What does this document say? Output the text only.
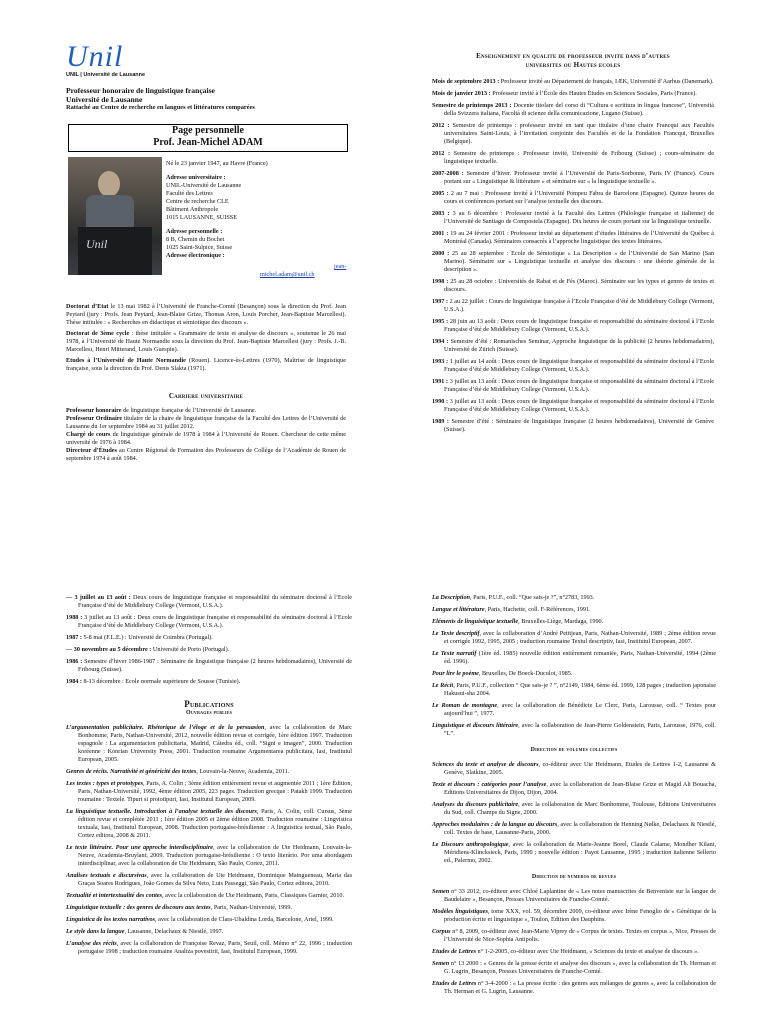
Unil
UNIL | Université de Lausanne
Professeur honoraire de linguistique française
Université de Lausanne
Rattaché au Centre de recherche en langues et littératures comparées
Page personnelle
Prof. Jean-Michel ADAM
Unil
Né le 23 janvier 1947, au Havre (France)
Adresse universitaire :
UNIL-Université de Lausanne
Faculté des Lettres
Centre de recherche CLE
Bâtiment Anthropole
1015 LAUSANNE, SUISSE
Adresse personnelle :
8 B, Chemin du Bochet
1025 Saint-Sulpice, Suisse
Adresse électronique :
jean-
michel.adam@unil.ch

Doctorat d’Etat le 13 mai 1982 à l’Université de Franche-Comté (Besançon) sous la direction du Prof. Jean Peytard (jury : Profs. Jean Peytard, Jean-Blaise Grize, Thomas Aron, Louis Porcher, Jean-Baptiste Marcellesi). Thèse intitulée : « Recherches en didactique et sémiotique des discours ».

Doctorat de 3ème cycle : thèse intitulée « Grammaire de texte et analyse de discours », soutenue le 26 mai 1978, à l’Université de Haute Normandie sous la direction du Prof. Jean-Baptiste Marcellesi (jury : Profs. J.-B. Marcellesi, Henri Mitterand, Louis Guespin).

Etudes à l’Université de Haute Normandie (Rouen). Licence-ès-Lettres (1970), Maîtrise de linguistique française, sous la direction du Prof. Denis Slakta (1971).

Carriere universitaire

Professeur honoraire de linguistique française de l’Université de Lausanne.

Professeur Ordinaire titulaire de la chaire de linguistique française de la Faculté des Lettres de l’Université de Lausanne du 1er septembre 1984 au 31 juillet 2012.

Chargé de cours de linguistique générale de 1978 à 1984 à l’Université de Rouen. Chercheur de cette même université de 1976 à 1984.

Directeur d’Études au Centre Régional de Formation des Professeurs de Collège de l’Académie de Rouen de septembre 1974 à août 1984.

Enseignement en qualite de professeur invite dans d’autres
universites ou Hautes ecoles
Mois de septembre 2013 : Professeur invité au Département de français, IÆK, Université d’Aarhus (Danemark).
Mois de janvier 2013 : Professeur invité à l’École des Hautes Études en Sciences Sociales, Paris (France).
Semestre de printemps 2013 : Docente titolare del corso di “Cultura e scrittura in lingua francese”, Università della Svizzera italiana, Facoltà di scienze della comunicazione, Lugano (Suisse).
2012 : Semestre de printemps : professeur invité en tant que titulaire d’une chaire Francqui aux Facultés universitaires Saint-Louis, à l’invitation conjointe des Facultés et de la Fondation Francqui, Bruxelles (Belgique).
2012 : Semestre de printemps : Professeur invité, Université de Fribourg (Suisse) ; cours-séminaire de linguistique textuelle.
2007-2008 : Semestre d’hiver. Professeur invité à l’Université de Paris-Sorbonne, Paris IV (France). Cours portant sur « Linguistique & littérature » et séminaire sur « la linguistique textuelle ».
2005 : 2 au 7 mai : Professeur invité à l’Université Pompeu Fabra de Barcelone (Espagne). Quinze heures de cours et conférences portant sur l’analyse textuelle des discours.
2003 : 3 au 6 décembre : Professeur invité à la Faculté des Lettres (Philologie française et italienne) de l’Université de Santiago de Compostela (Espagne). Dix heures de cours portant sur la linguistique textuelle.
2001 : 19 au 24 février 2001 : Professeur invité au département d’études littéraires de l’Université du Québec à Montréal (Canada). Séminaires consacrés à l’approche linguistique des textes littéraires.
2000 : 25 au 28 septembre : Ecole de Sémiotique « La Description » de l’Université de San Marino (San Marino). Séminaire sur « Linguistique textuelle et analyse des discours : une théorie générale de la description ».
1998 : 25 au 28 octobre : Universités de Rabat et de Fès (Maroc). Séminaire sur les types et genres de textes et discours.
1997 : 2 au 22 juillet : Cours de linguistique française à l’Ecole Française d’été de Middlebury College (Vermont, U.S.A.).
1995 : 28 juin au 13 août : Deux cours de linguistique française et responsabilité du séminaire doctoral à l’Ecole Française d’été de Middlebury College (Vermont, U.S.A.).
1994 : Semestre d’été : Romanisches Seminar, Approche linguistique de la publicité (2 heures hebdomadaires), Université de Zürich (Suisse).
1993 : 1 juillet au 14 août : Deux cours de linguistique française et responsabilité du séminaire doctoral à l’Ecole Française d’été de Middlebury College (Vermont, U.S.A.).
1991 : 3 juillet au 13 août : Deux cours de linguistique française et responsabilité du séminaire doctoral à l’Ecole Française d’été de Middlebury College (Vermont, U.S.A.).
1990 : 3 juillet au 13 août : Deux cours de linguistique française et responsabilité du séminaire doctoral à l’Ecole Française d’été de Middlebury College (Vermont, U.S.A.).
1989 : Semestre d’été : Séminaire de linguistique française (2 heures hebdomadaires), Université de Genève (Suisse).
— 3 juillet au 13 août : Deux cours de linguistique française et responsabilité du séminaire doctoral à l’Ecole Française d’été de Middlebury College (Vermont, U.S.A.).
1988 : 3 juillet au 13 août : Deux cours de linguistique française et responsabilité du séminaire doctoral à l’Ecole Française d’été de Middlebury College (Vermont, U.S.A.).
1987 : 5-8 mai (F.L.E.) : Université de Coimbra (Portugal).
— 30 novembre au 5 décembre : Université de Porto (Portugal).
1986 : Semestre d’hiver 1986-1987 : Séminaire de linguistique française (2 heures hebdomadaires), Université de Fribourg (Suisse).
1984 : 8-13 décembre : Ecole normale supérieure de Sousse (Tunisie).
Publications
Ouvrages publies
L’argumentation publicitaire. Rhétorique de l’éloge et de la persuasion, avec la collaboration de Marc Bonhomme, Paris, Nathan-Université, 2012, nouvelle édition revue et corrigée, 1ère édition 1997. Traduction espagnole : La argumentacion publicitaria, Madrid, Cátedra éd., coll. “Signi e imagen”, 2000. Traduction koréenne : Konrian University Press, 2001. Traduction roumaine Argumentarea publicitara, Iasi, Institutul European, 2005.
Genres de récits. Narrativité et généricité des textes, Louvain-la-Neuve, Academia, 2011.
Les textes : types et prototypes, Paris, A. Colin ; 3ème édition entièrement revue et augmentée 2011 ; 1ère Édition, Paris, Nathan-Université, 1992, 4ème édition 2005, 223 pages. Traduction grecque : Patakh 1999. Traduction roumaine : Textele. Tipuri si prototipuri, Iasi, Institutul European, 2009.
La linguistique textuelle. Introduction à l’analyse textuelle des discours, Paris, A. Colin, coll. Cursus, 3ème édition revue et complétée 2011 ; 1ère édition 2005 et 2ème édition 2008. Traduction roumaine : Lingvistica textuala, Iasi, Institutul European, 2008. Traduction portugaise-brésilienne : A linguistica textual, São Paulo, Cortez editora, 2008 & 2011.
Le texte littéraire. Pour une approche interdisciplinaire, avec la collaboration de Ute Heidmann, Louvain-la-Neuve, Academia-Bruylant, 2009. Traduction portugaise-brésilienne : O texto literário. Por uma abordagem interdisciplinar, avec la collaboration de Ute Heidmann, São Paulo, Cortez, 2011.
Analises textuais e discursivas, avec la collaboration de Ute Heidmann, Dominique Maingueneau, Maria das Graças Soares Rodrigues, João Gomes da Silva Neto, Luis Passeggi, São Paulo, Cortez editora, 2010.
Textualité et intertextualité des contes, avec la collaboration de Ute Heidmann, Paris, Classiques Garnier, 2010.
Linguistique textuelle : des genres de discours aux textes, Paris, Nathan-Université, 1999.
Linguistica de los textos narrativos, avec la collaboration de Clara-Ubaldina Lorda, Barcelone, Ariel, 1999.
Le style dans la langue, Lausanne, Delachaux & Niestlé, 1997.
L’analyse des récits, avec la collaboration de Françoise Revaz, Paris, Seuil, coll. Mémo n° 22, 1996 ; traduction portugaise 1998 ; traduction roumaine Analiza povestirii, Iasi, Institutul European, 1999.
La Description, Paris, P.U.F., coll. “Que sais-je ?”, n°2783, 1993.
Langue et littérature, Paris, Hachette, coll. F-Références, 1991.
Eléments de linguistique textuelle, Bruxelles-Liège, Mardaga, 1990.
Le Texte descriptif, avec la collaboration d’André Petitjean, Paris, Nathan-Université, 1989 ; 2ème édition revue et corrigée 1992, 1995, 2005 ; traduction roumaine Textul descriptiv, Iasi, Institutul European, 2007.
Le Texte narratif (1ère éd. 1985) nouvelle édition entièrement remaniée, Paris, Nathan-Université, 1994 (2ème éd. 1996).
Pour lire le poème, Bruxelles, De Boeck-Duculot, 1985.
Le Récit, Paris, P.U.F., collection “ Que sais-je ? ”, n°2149, 1984, 6ème éd. 1999, 128 pages ; traduction japonaise Hakusui-sha 2004.
Le Roman de montagne, avec la collaboration de Bénédicte Le Clerc, Paris, Larousse, coll. “ Textes pour aujourd’hui ”, 1977.
Linguistique et discours littéraire, avec la collaboration de Jean-Pierre Goldenstein, Paris, Larousse, 1976, coll. “L”.
Direction de volumes collectifs
Sciences du texte et analyse de discours, co-éditeur avec Ute Heidmann, Etudes de Lettres 1-2, Lausanne & Genève, Slatkine, 2005.
Texte et discours : catégories pour l’analyse, avec la collaboration de Jean-Blaise Grize et Magid Ali Bouacha, Editions Universitaires de Dijon, Dijon, 2004.
Analyses du discours publicitaire, avec la collaboration de Marc Bonhomme, Toulouse, Editions Universitaires du Sud, coll. Champs du Signe, 2000.
Approches modulaires : de la langue au discours, avec la collaboration de Henning Nølke, Delachaux & Niestlé, coll. Textes de base, Lausanne-Paris, 2000.
Le Discours anthropologique, avec la collaboration de Marie-Jeanne Borel, Claude Calame, Mondher Kilani, Méridiens-Klincksieck, Paris, 1990 ; nouvelle édition : Payot Lausanne, 1995 ; traduction italienne Sellerio ed., Palermo, 2002.
Direction de numeros de revues
Semen n° 33 2012, co-éditeur avec Chloé Laplantine de « Les notes manuscrites de Benveniste sur la langue de Baudelaire », Besançon, Presses Universitaires de Franche-Comté.
Modèles linguistiques, tome XXX, vol. 59, décembre 2009, co-éditeur avec Irène Fenoglio de « Génétique de la production écrite et linguistique », Toulon, Edition des Dauphins.
Corpus n° 8, 2009, co-éditeur avec Jean-Marie Viprey de « Corpus de textes. Textes en corpus », Nice, Presses de l’Université de Nice-Sophia Antipolis.
Etudes de Lettres n° 1-2-2005, co-éditeur avec Ute Heidmann, « Sciences du texte et analyse de discours ».
Semen n° 13 2000 : « Genres de la presse écrite et analyse des discours », avec la collaboration de Th. Herman et G. Lugrin, Besançon, Presses Universitaires de Franche-Comté.
Etudes de Lettres n° 3-4-2000 : « La presse écrite : des genres aux mélanges de genres », avec la collaboration de Th. Herman et G. Lugrin, Lausanne.
